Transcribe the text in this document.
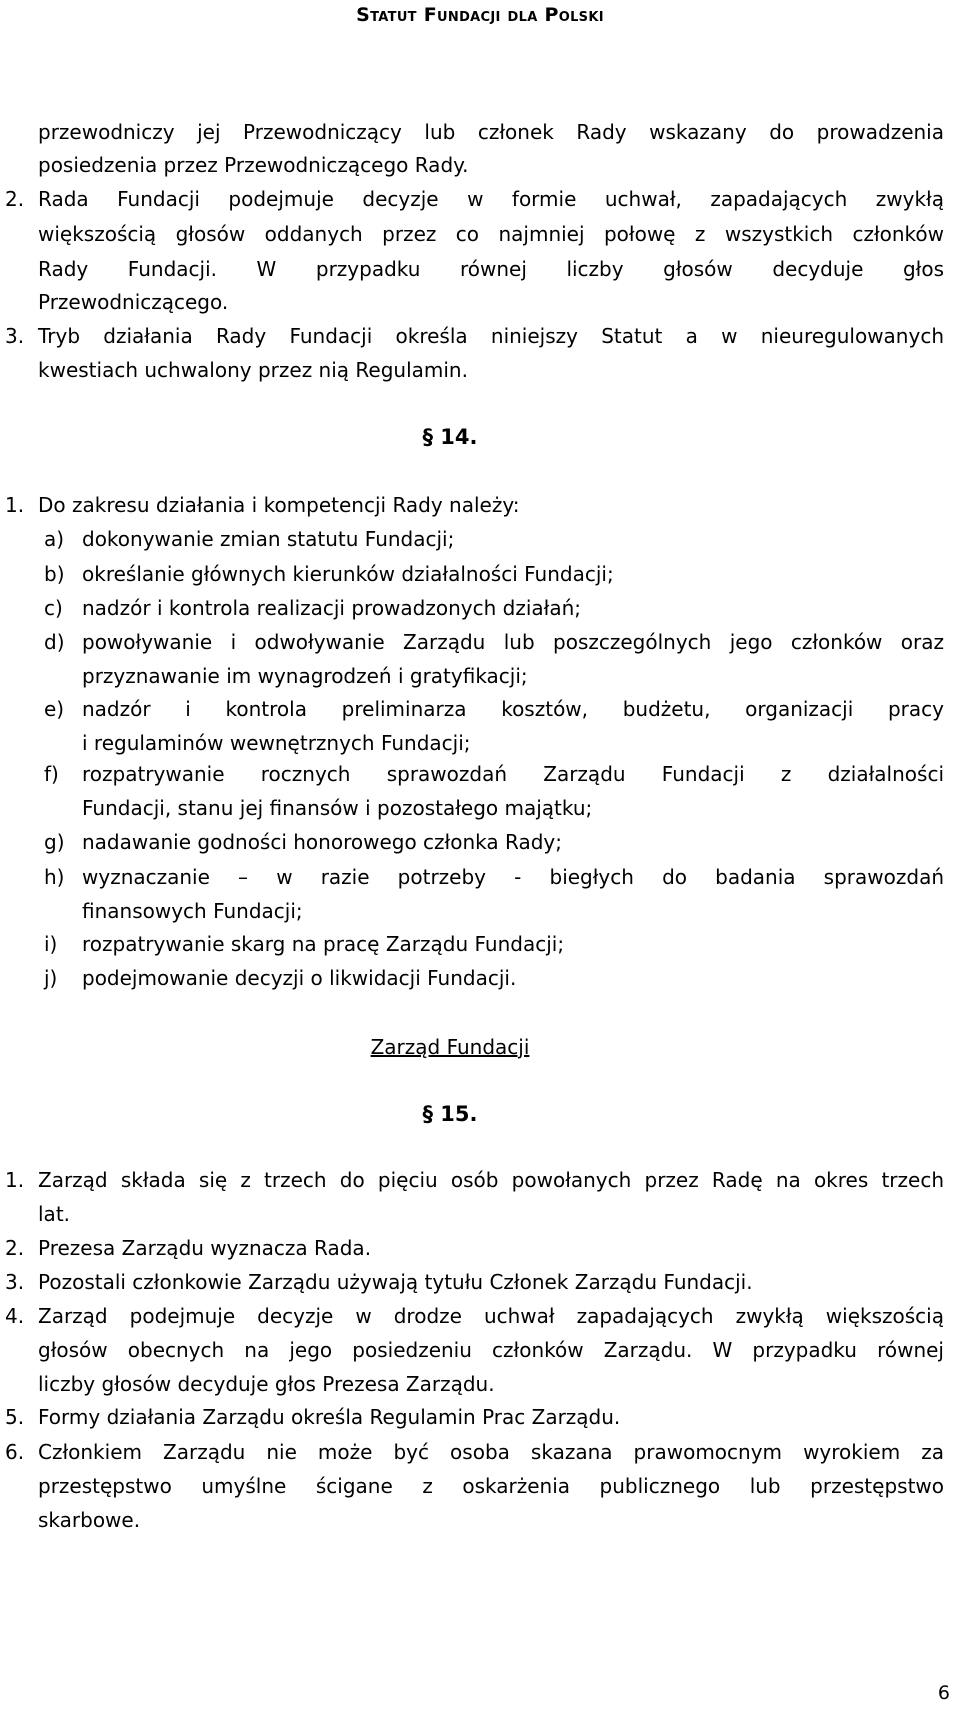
Statut Fundacji dla Polski
przewodniczy jej Przewodniczący lub członek Rady wskazany do prowadzenia
posiedzenia przez Przewodniczącego Rady.
2. Rada Fundacji podejmuje decyzje w formie uchwał, zapadających zwykłą
większością głosów oddanych przez co najmniej połowę z wszystkich członków
Rady Fundacji. W przypadku równej liczby głosów decyduje głos
Przewodniczącego.
3. Tryb działania Rady Fundacji określa niniejszy Statut a w nieuregulowanych
kwestiach uchwalony przez nią Regulamin.
§ 14.
1. Do zakresu działania i kompetencji Rady należy:
a) dokonywanie zmian statutu Fundacji;
b) określanie głównych kierunków działalności Fundacji;
c) nadzór i kontrola realizacji prowadzonych działań;
d) powoływanie i odwoływanie Zarządu lub poszczególnych jego członków oraz
przyznawanie im wynagrodzeń i gratyfikacji;
e) nadzór i kontrola preliminarza kosztów, budżetu, organizacji pracy
i regulaminów wewnętrznych Fundacji;
f) rozpatrywanie rocznych sprawozdań Zarządu Fundacji z działalności
Fundacji, stanu jej finansów i pozostałego majątku;
g) nadawanie godności honorowego członka Rady;
h) wyznaczanie – w razie potrzeby - biegłych do badania sprawozdań
finansowych Fundacji;
i) rozpatrywanie skarg na pracę Zarządu Fundacji;
j) podejmowanie decyzji o likwidacji Fundacji.
Zarząd Fundacji
§ 15.
1. Zarząd składa się z trzech do pięciu osób powołanych przez Radę na okres trzech
lat.
2. Prezesa Zarządu wyznacza Rada.
3. Pozostali członkowie Zarządu używają tytułu Członek Zarządu Fundacji.
4. Zarząd podejmuje decyzje w drodze uchwał zapadających zwykłą większością
głosów obecnych na jego posiedzeniu członków Zarządu. W przypadku równej
liczby głosów decyduje głos Prezesa Zarządu.
5. Formy działania Zarządu określa Regulamin Prac Zarządu.
6. Członkiem Zarządu nie może być osoba skazana prawomocnym wyrokiem za
przestępstwo umyślne ścigane z oskarżenia publicznego lub przestępstwo
skarbowe.
6
